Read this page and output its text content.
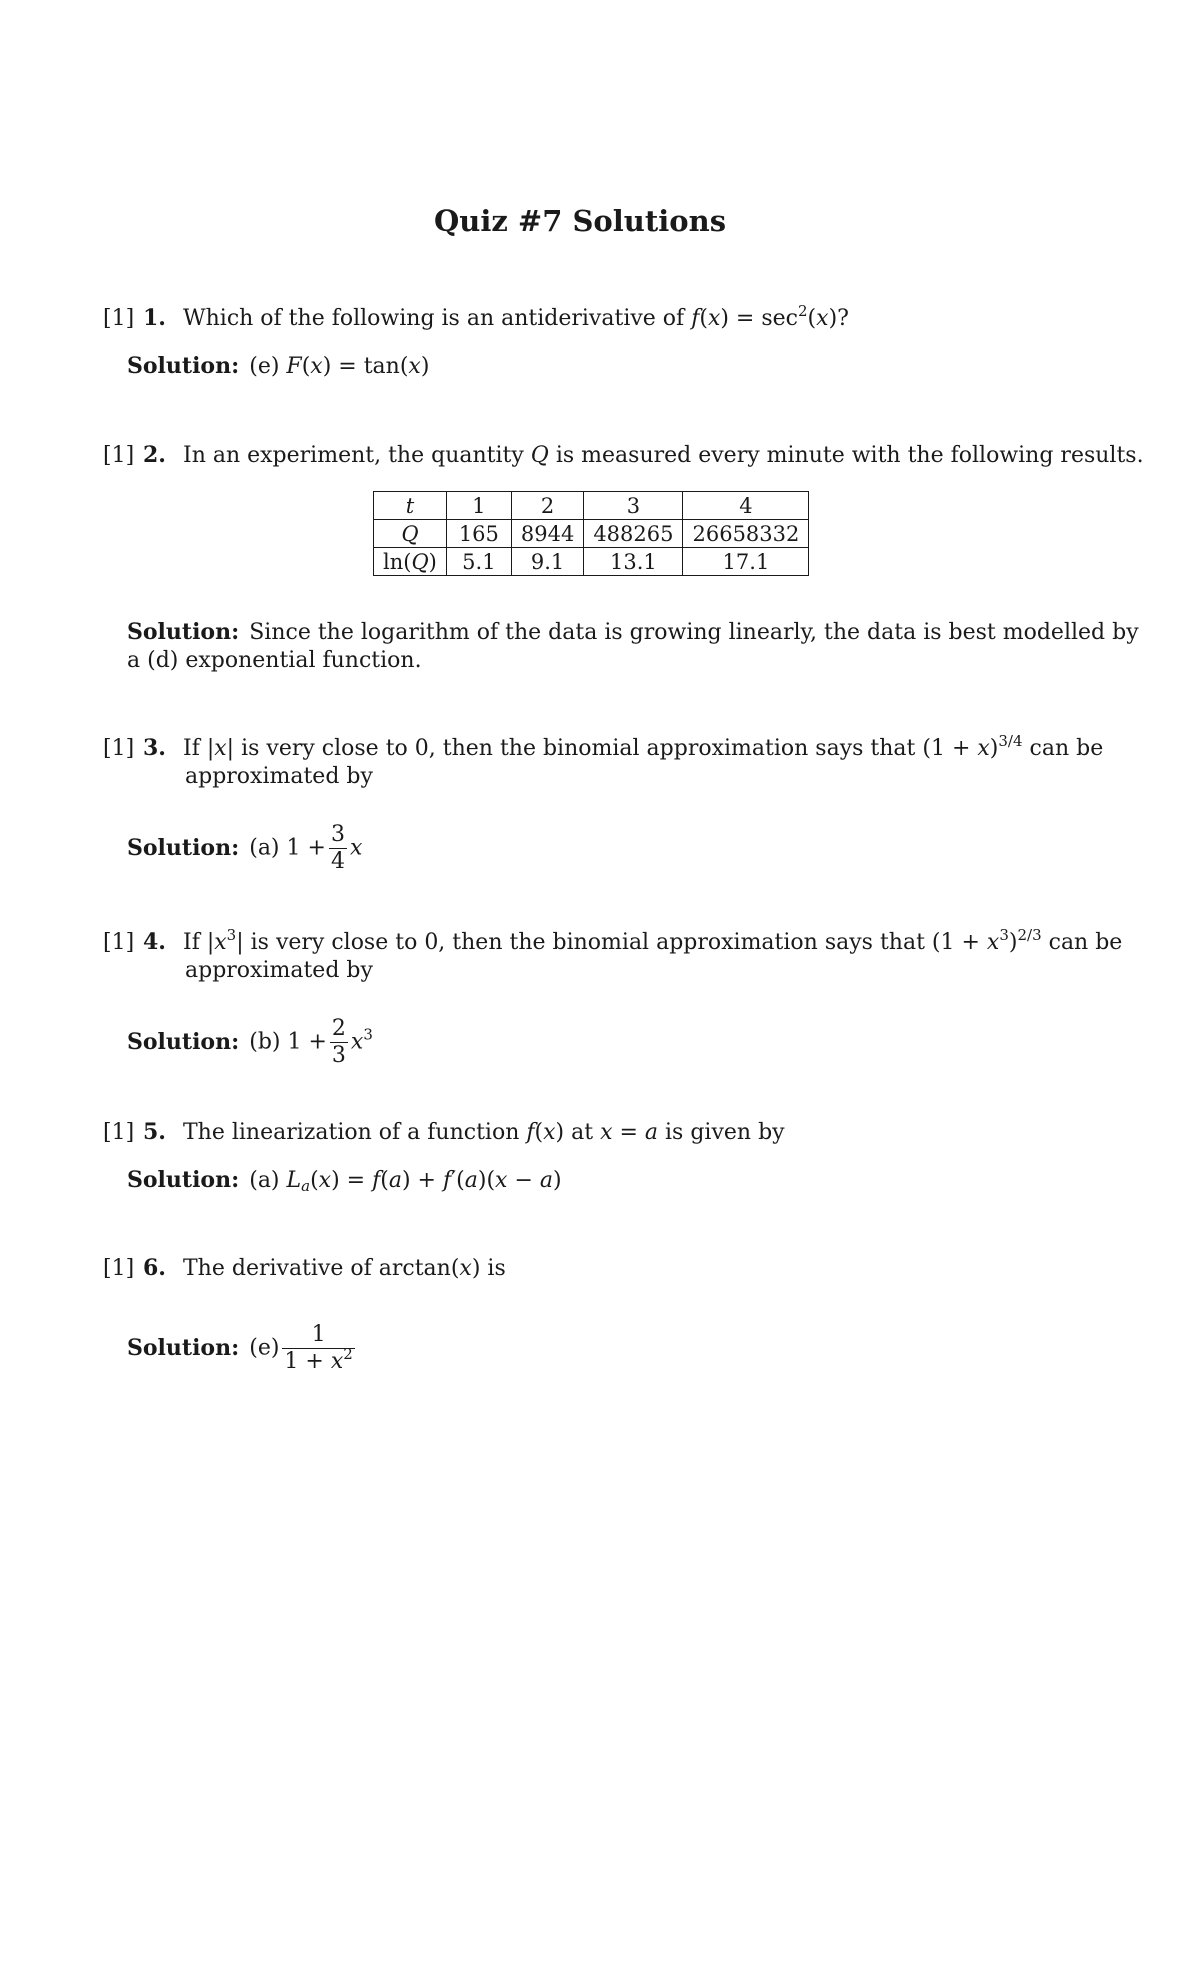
Quiz #7 Solutions
[1] 1. Which of the following is an antiderivative of $f(x) = \sec^2(x)$?
Solution: (e) F(x) = tan(x)
[1] 2. In an experiment, the quantity Q is measured every minute with the following results.
t	1	2	3	4
Q	165	8944	488265	26658332
ln(Q)	5.1	9.1	13.1	17.1
Solution: Since the logarithm of the data is growing linearly, the data is best modelled by
a (d) exponential function.
[1] 3. If |x| is very close to 0, then the binomial approximation says that $(1 + x)^{3/4}$ can be
approximated by
Solution: (a) $1 + \frac{3}{4}$ x
[1] 4. If $|x^3|$ is very close to 0, then the binomial approximation says that $(1 + x^3)^{2/3}$ can be
approximated by
Solution: (b) $1 + \frac{2}{3} x^3$
[1] 5. The linearization of a function f(x) at x = a is given by
Solution: (a) $L_a(x) = f(a) + f'(a)(x - a)$
[1] 6. The derivative of arctan(x) is
Solution: $(e) \frac{1}{1 + x^2}$
